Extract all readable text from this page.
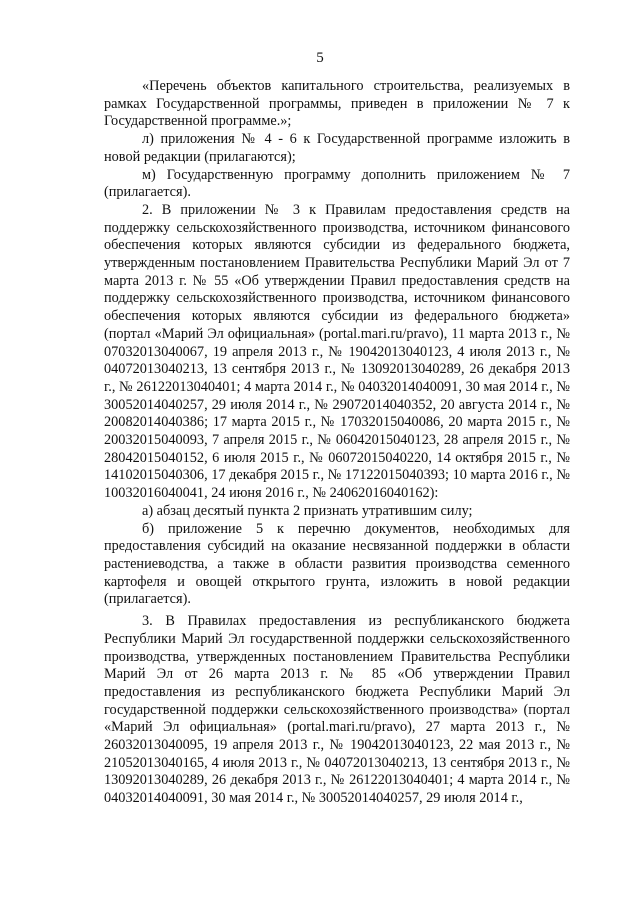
5

«Перечень объектов капитального строительства, реализуемых в рамках Государственной программы, приведен в приложении № 7 к Государственной программе.»;

л) приложения № 4 - 6 к Государственной программе изложить в новой редакции (прилагаются);

м) Государственную программу дополнить приложением № 7 (прилагается).

2. В приложении № 3 к Правилам предоставления средств на поддержку сельскохозяйственного производства, источником финансового обеспечения которых являются субсидии из федерального бюджета, утвержденным постановлением Правительства Республики Марий Эл от 7 марта 2013 г. № 55 «Об утверждении Правил предоставления средств на поддержку сельскохозяйственного производства, источником финансового обеспечения которых являются субсидии из федерального бюджета» (портал «Марий Эл официальная» (portal.mari.ru/pravo), 11 марта 2013 г., № 07032013040067, 19 апреля 2013 г., № 19042013040123, 4 июля 2013 г., № 04072013040213, 13 сентября 2013 г., № 13092013040289, 26 декабря 2013 г., № 26122013040401; 4 марта 2014 г., № 04032014040091, 30 мая 2014 г., № 30052014040257, 29 июля 2014 г., № 29072014040352, 20 августа 2014 г., № 20082014040386; 17 марта 2015 г., № 17032015040086, 20 марта 2015 г., № 20032015040093, 7 апреля 2015 г., № 06042015040123, 28 апреля 2015 г., № 28042015040152, 6 июля 2015 г., № 06072015040220, 14 октября 2015 г., № 14102015040306, 17 декабря 2015 г., № 17122015040393; 10 марта 2016 г., № 10032016040041, 24 июня 2016 г., № 24062016040162):

а) абзац десятый пункта 2 признать утратившим силу;

б) приложение 5 к перечню документов, необходимых для предоставления субсидий на оказание несвязанной поддержки в области растениеводства, а также в области развития производства семенного картофеля и овощей открытого грунта, изложить в новой редакции (прилагается).

3. В Правилах предоставления из республиканского бюджета Республики Марий Эл государственной поддержки сельскохозяйственного производства, утвержденных постановлением Правительства Республики Марий Эл от 26 марта 2013 г. № 85 «Об утверждении Правил предоставления из республиканского бюджета Республики Марий Эл государственной поддержки сельскохозяйственного производства» (портал «Марий Эл официальная» (portal.mari.ru/pravo), 27 марта 2013 г., № 26032013040095, 19 апреля 2013 г., № 19042013040123, 22 мая 2013 г., № 21052013040165, 4 июля 2013 г., № 04072013040213, 13 сентября 2013 г., № 13092013040289, 26 декабря 2013 г., № 26122013040401; 4 марта 2014 г., № 04032014040091, 30 мая 2014 г., № 30052014040257, 29 июля 2014 г.,
